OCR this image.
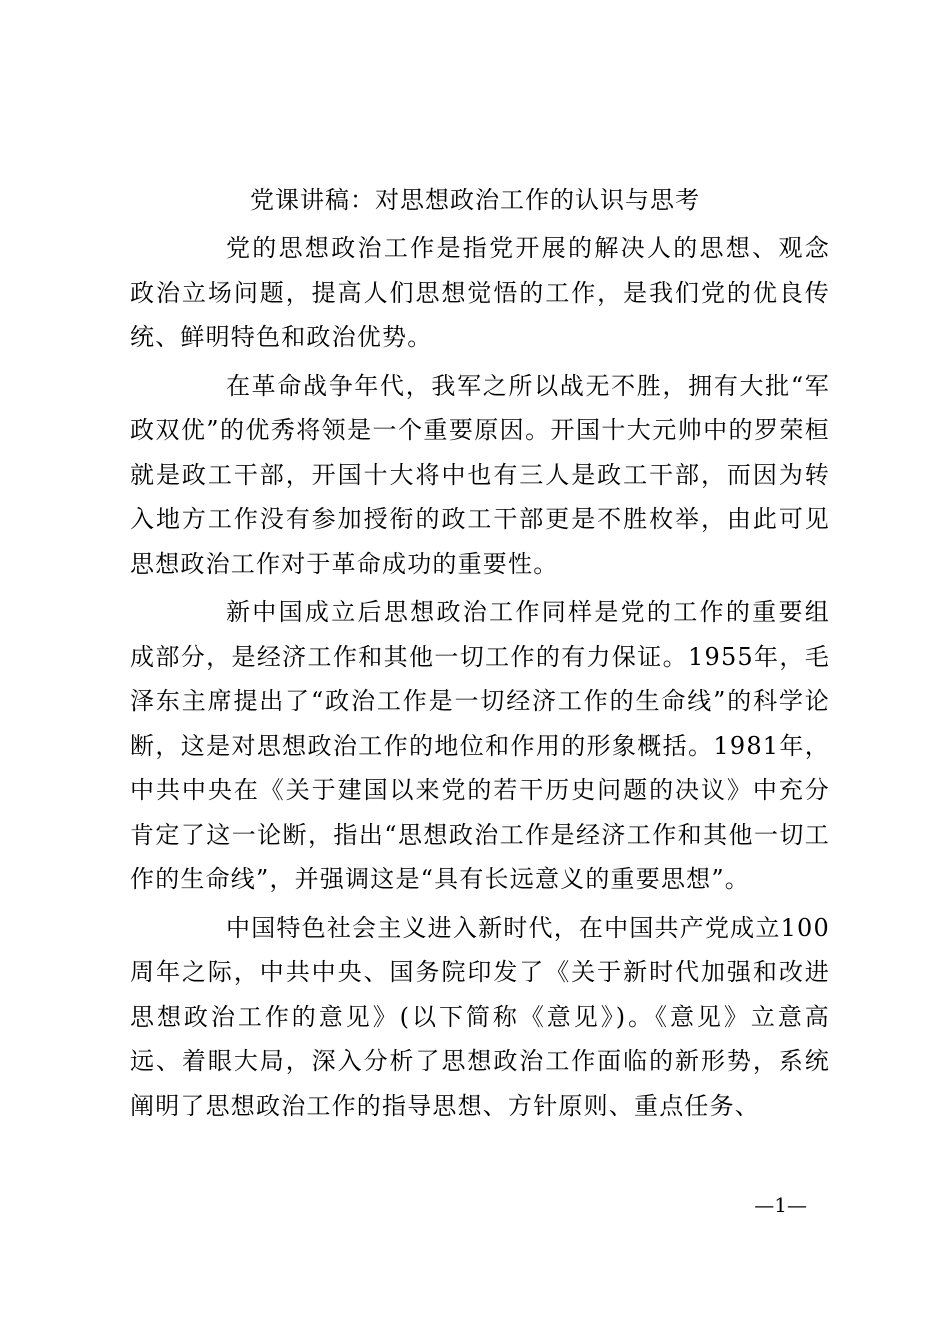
党课讲稿：对思想政治工作的认识与思考

党的思想政治工作是指党开展的解决人的思想、观念政治立场问题，提高人们思想觉悟的工作，是我们党的优良传统、鲜明特色和政治优势。

在革命战争年代，我军之所以战无不胜，拥有大批“军政双优”的优秀将领是一个重要原因。开国十大元帅中的罗荣桓就是政工干部，开国十大将中也有三人是政工干部，而因为转入地方工作没有参加授衔的政工干部更是不胜枚举，由此可见思想政治工作对于革命成功的重要性。

新中国成立后思想政治工作同样是党的工作的重要组成部分，是经济工作和其他一切工作的有力保证。1955年，毛泽东主席提出了“政治工作是一切经济工作的生命线”的科学论断，这是对思想政治工作的地位和作用的形象概括。1981年，中共中央在《关于建国以来党的若干历史问题的决议》中充分肯定了这一论断，指出“思想政治工作是经济工作和其他一切工作的生命线”，并强调这是“具有长远意义的重要思想”。

中国特色社会主义进入新时代，在中国共产党成立100周年之际，中共中央、国务院印发了《关于新时代加强和改进思想政治工作的意见》(以下简称《意见》)。《意见》立意高远、着眼大局，深入分析了思想政治工作面临的新形势，系统阐明了思想政治工作的指导思想、方针原则、重点任务、

—1—
